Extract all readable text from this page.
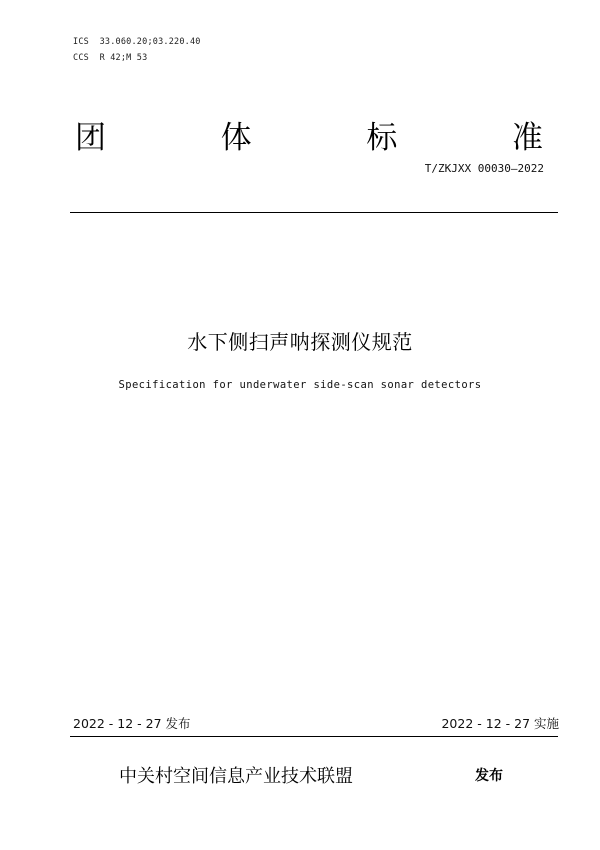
ICS  33.060.20;03.220.40
CCS  R 42;M 53
团	体	标	准
T/ZKJXX 00030—2022
水下侧扫声呐探测仪规范
Specification for underwater side-scan sonar detectors
2022 - 12 - 27 发布	2022 - 12 - 27 实施
中关村空间信息产业技术联盟	发布
